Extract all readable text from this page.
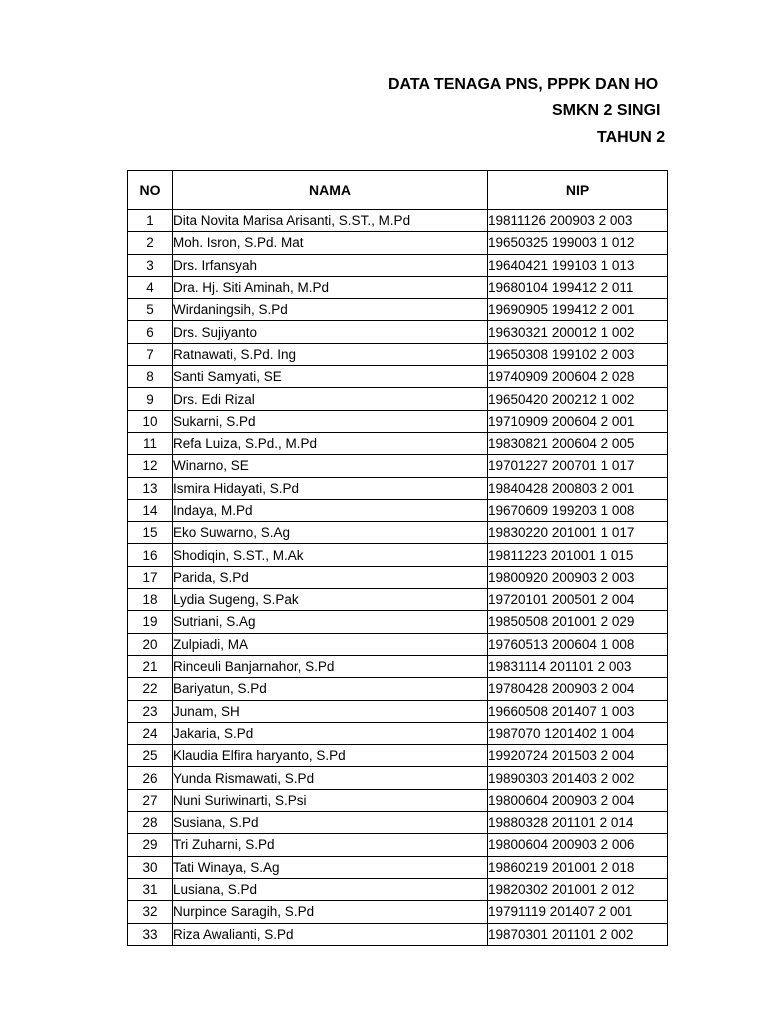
DATA TENAGA PNS, PPPK DAN HO
SMKN 2 SINGI
TAHUN 2
NO	NAMA	NIP
1	Dita Novita Marisa Arisanti, S.ST., M.Pd	19811126 200903 2 003
2	Moh. Isron, S.Pd. Mat	19650325 199003 1 012
3	Drs. Irfansyah	19640421 199103 1 013
4	Dra. Hj. Siti Aminah, M.Pd	19680104 199412 2 011
5	Wirdaningsih, S.Pd	19690905 199412 2 001
6	Drs. Sujiyanto	19630321 200012 1 002
7	Ratnawati, S.Pd. Ing	19650308 199102 2 003
8	Santi Samyati, SE	19740909 200604 2 028
9	Drs. Edi Rizal	19650420 200212 1 002
10	Sukarni, S.Pd	19710909 200604 2 001
11	Refa Luiza, S.Pd., M.Pd	19830821 200604 2 005
12	Winarno, SE	19701227 200701 1 017
13	Ismira Hidayati, S.Pd	19840428 200803 2 001
14	Indaya, M.Pd	19670609 199203 1 008
15	Eko Suwarno, S.Ag	19830220 201001 1 017
16	Shodiqin, S.ST., M.Ak	19811223 201001 1 015
17	Parida, S.Pd	19800920 200903 2 003
18	Lydia Sugeng, S.Pak	19720101 200501 2 004
19	Sutriani, S.Ag	19850508 201001 2 029
20	Zulpiadi, MA	19760513 200604 1 008
21	Rinceuli Banjarnahor, S.Pd	19831114 201101 2 003
22	Bariyatun, S.Pd	19780428 200903 2 004
23	Junam, SH	19660508 201407 1 003
24	Jakaria, S.Pd	1987070 1201402 1 004
25	Klaudia Elfira haryanto, S.Pd	19920724 201503 2 004
26	Yunda Rismawati, S.Pd	19890303 201403 2 002
27	Nuni Suriwinarti, S.Psi	19800604 200903 2 004
28	Susiana, S.Pd	19880328 201101 2 014
29	Tri Zuharni, S.Pd	19800604 200903 2 006
30	Tati Winaya, S.Ag	19860219 201001 2 018
31	Lusiana, S.Pd	19820302 201001 2 012
32	Nurpince Saragih, S.Pd	19791119 201407 2 001
33	Riza Awalianti, S.Pd	19870301 201101 2 002
